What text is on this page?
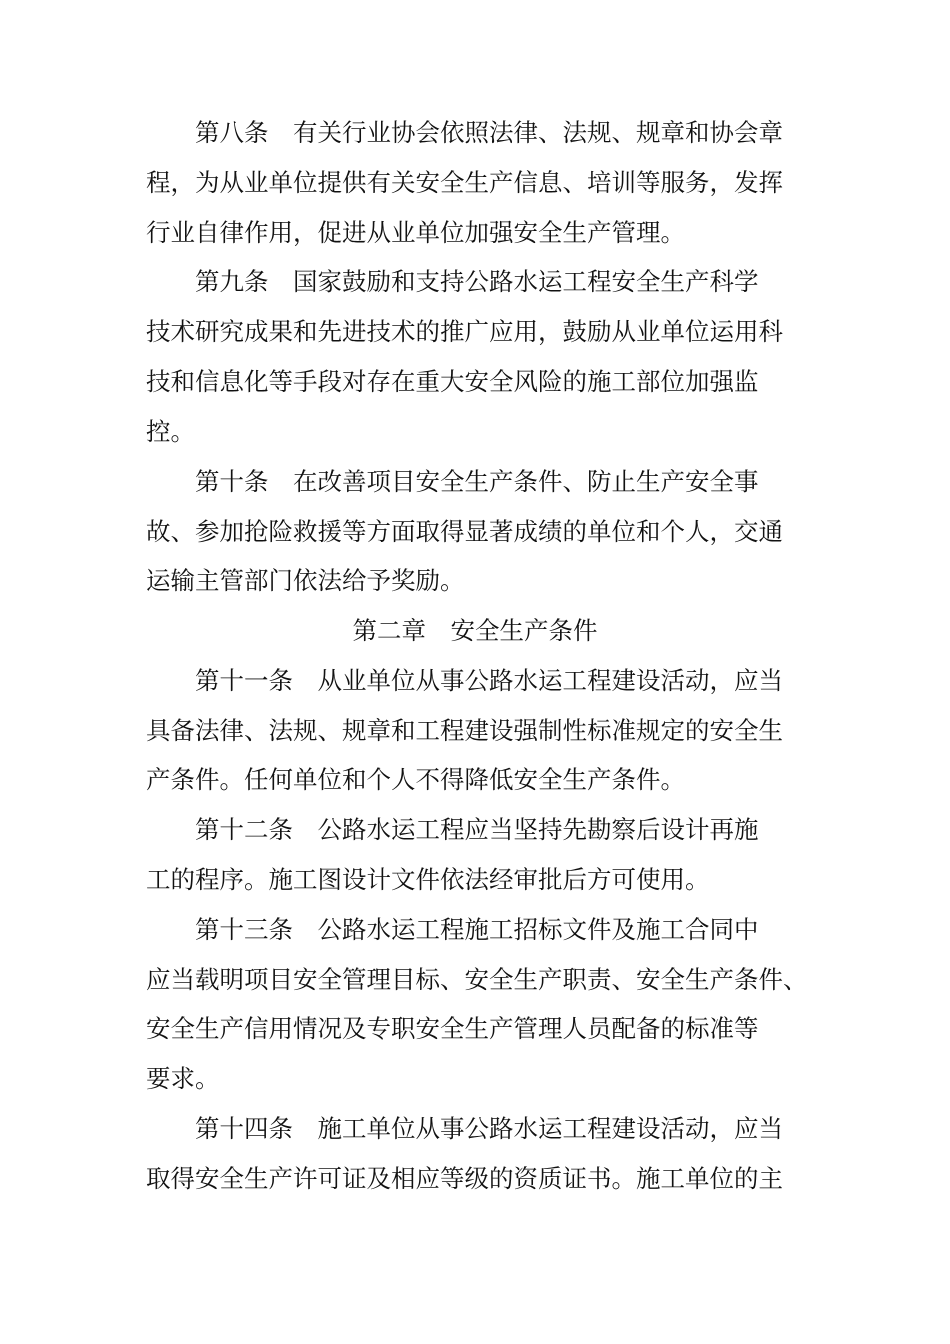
第八条　有关行业协会依照法律、法规、规章和协会章
程，为从业单位提供有关安全生产信息、培训等服务，发挥
行业自律作用，促进从业单位加强安全生产管理。
第九条　国家鼓励和支持公路水运工程安全生产科学
技术研究成果和先进技术的推广应用，鼓励从业单位运用科
技和信息化等手段对存在重大安全风险的施工部位加强监
控。
第十条　在改善项目安全生产条件、防止生产安全事
故、参加抢险救援等方面取得显著成绩的单位和个人，交通
运输主管部门依法给予奖励。
第二章　安全生产条件
第十一条　从业单位从事公路水运工程建设活动，应当
具备法律、法规、规章和工程建设强制性标准规定的安全生
产条件。任何单位和个人不得降低安全生产条件。
第十二条　公路水运工程应当坚持先勘察后设计再施
工的程序。施工图设计文件依法经审批后方可使用。
第十三条　公路水运工程施工招标文件及施工合同中
应当载明项目安全管理目标、安全生产职责、安全生产条件、
安全生产信用情况及专职安全生产管理人员配备的标准等
要求。
第十四条　施工单位从事公路水运工程建设活动，应当
取得安全生产许可证及相应等级的资质证书。施工单位的主
